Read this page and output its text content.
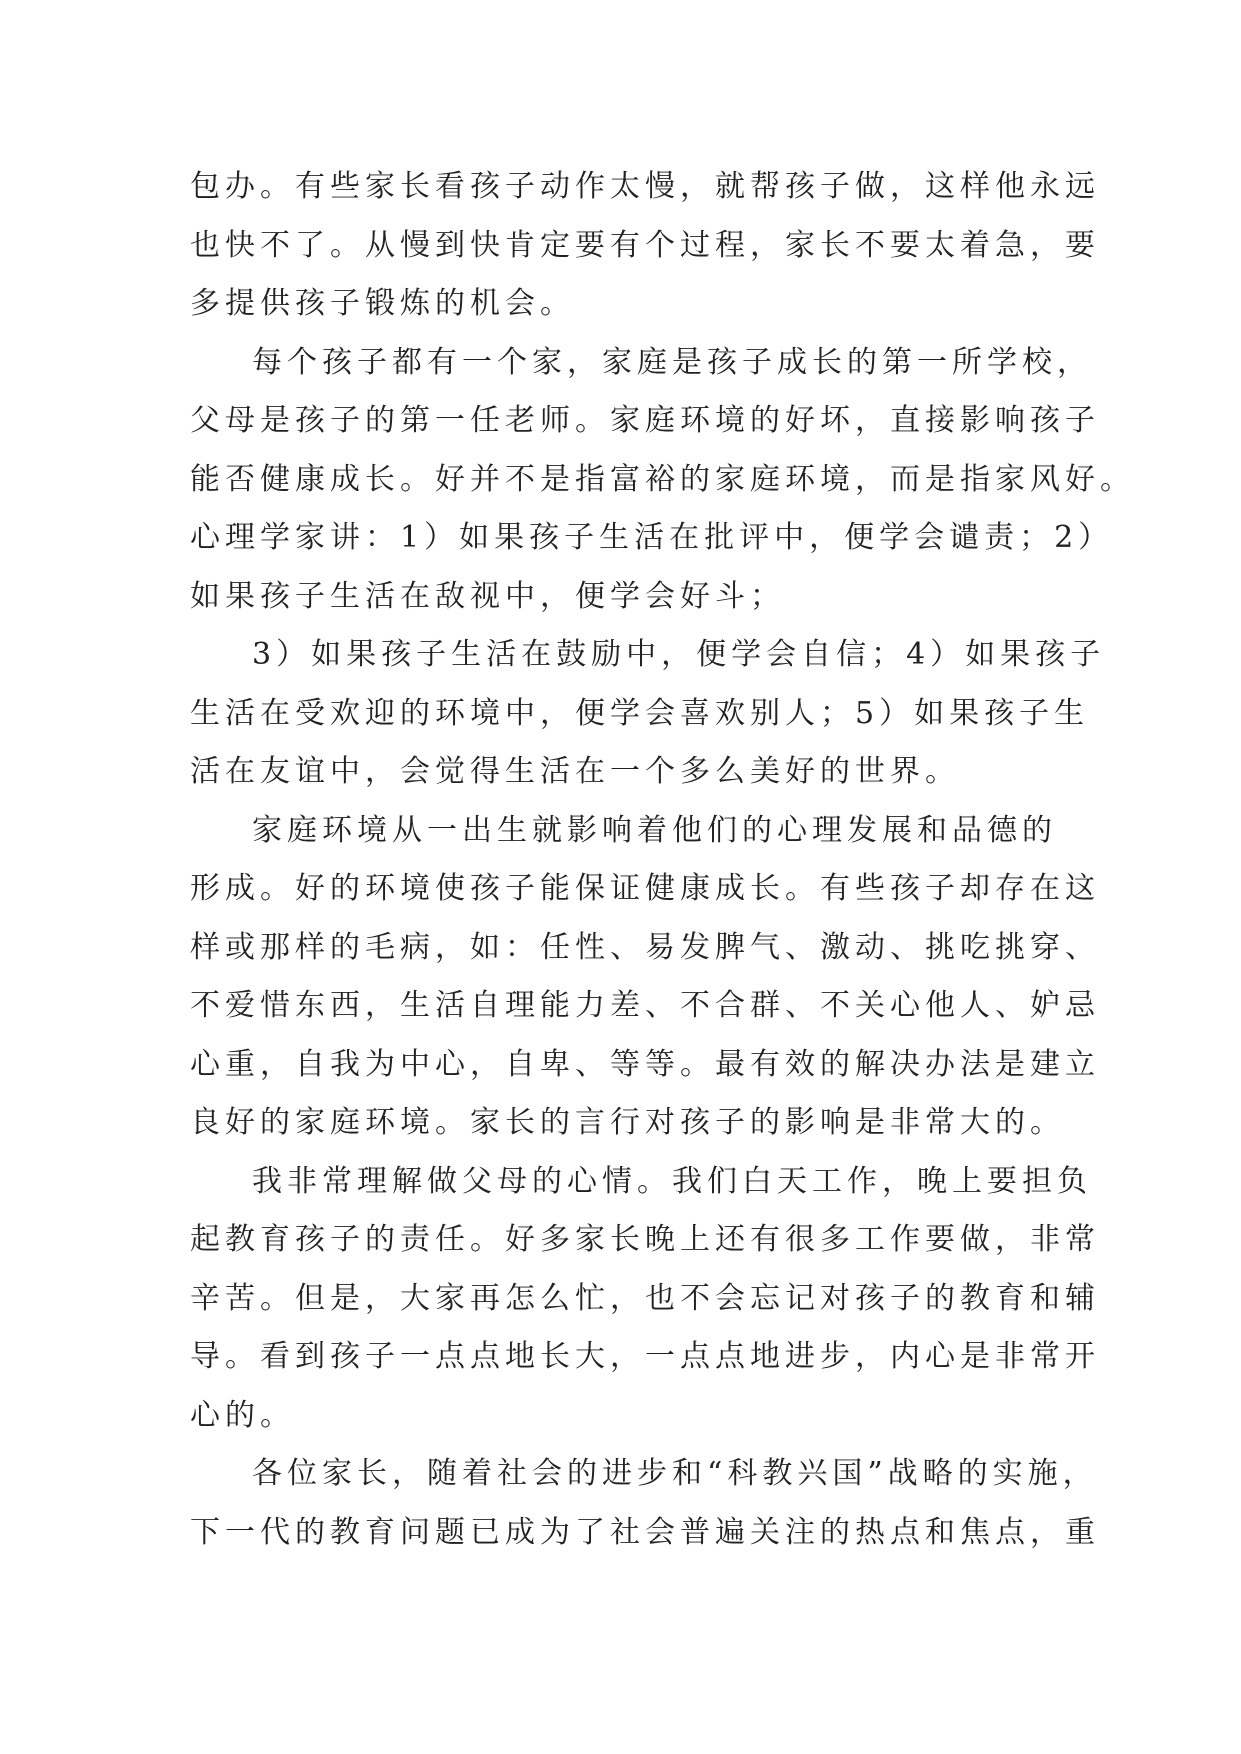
包办。有些家长看孩子动作太慢，就帮孩子做，这样他永远
也快不了。从慢到快肯定要有个过程，家长不要太着急，要
多提供孩子锻炼的机会。
每个孩子都有一个家，家庭是孩子成长的第一所学校，
父母是孩子的第一任老师。家庭环境的好坏，直接影响孩子
能否健康成长。好并不是指富裕的家庭环境，而是指家风好。
心理学家讲：1）如果孩子生活在批评中，便学会谴责；2）
如果孩子生活在敌视中，便学会好斗；
3）如果孩子生活在鼓励中，便学会自信；4）如果孩子
生活在受欢迎的环境中，便学会喜欢别人；5）如果孩子生
活在友谊中，会觉得生活在一个多么美好的世界。
家庭环境从一出生就影响着他们的心理发展和品德的
形成。好的环境使孩子能保证健康成长。有些孩子却存在这
样或那样的毛病，如：任性、易发脾气、激动、挑吃挑穿、
不爱惜东西，生活自理能力差、不合群、不关心他人、妒忌
心重，自我为中心，自卑、等等。最有效的解决办法是建立
良好的家庭环境。家长的言行对孩子的影响是非常大的。
我非常理解做父母的心情。我们白天工作，晚上要担负
起教育孩子的责任。好多家长晚上还有很多工作要做，非常
辛苦。但是，大家再怎么忙，也不会忘记对孩子的教育和辅
导。看到孩子一点点地长大，一点点地进步，内心是非常开
心的。
各位家长，随着社会的进步和“科教兴国”战略的实施，
下一代的教育问题已成为了社会普遍关注的热点和焦点，重
